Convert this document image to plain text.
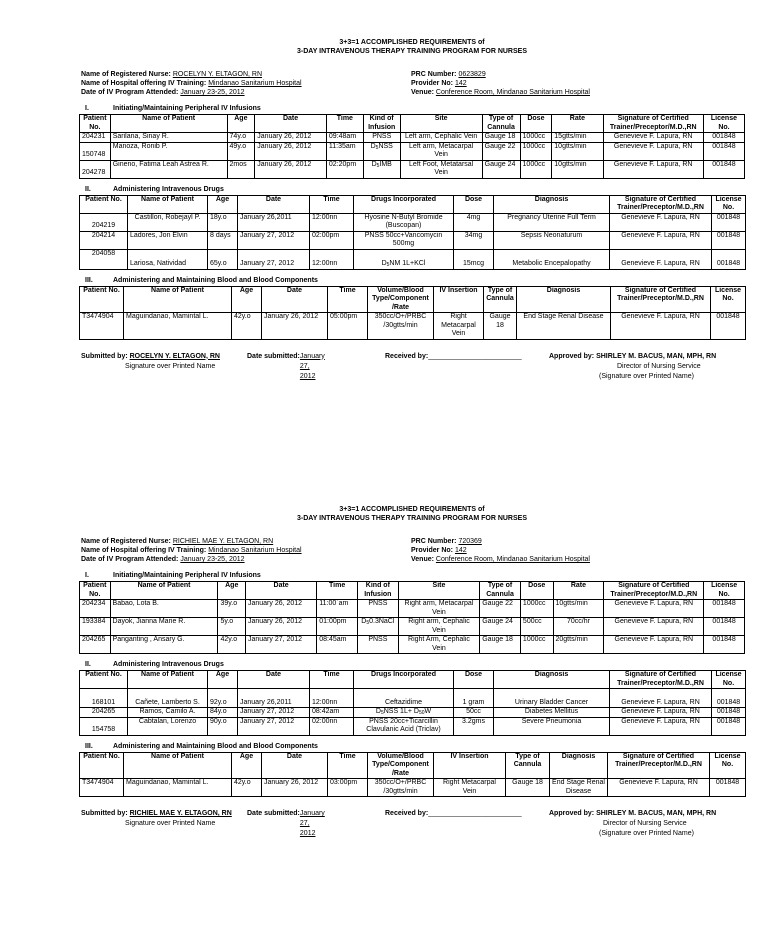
3+3=1 ACCOMPLISHED REQUIREMENTS of
3-DAY INTRAVENOUS THERAPY TRAINING PROGRAM FOR NURSES
Name of Registered Nurse: ROCELYN Y. ELTAGON, RN
Name of Hospital offering IV Training: Mindanao Sanitarium Hospital
Date of IV Program Attended: January 23-25, 2012
PRC Number: 0623829
Provider No: 142
Venue: Conference Room, Mindanao Sanitarium Hospital
I.	Initiating/Maintaining Peripheral IV Infusions
Patient No.	Name of Patient	Age	Date	Time	Kind of Infusion	Site	Type of Cannula	Dose	Rate	Signature of Certified Trainer/Preceptor/M.D.,RN	License No.
204231	Sarilana, Sinay R.	74y.o	January 26, 2012	09:48am	PNSS	Left arm, Cephalic Vein	Gauge 18	1000cc	15gtts/min	Genevieve F. Lapura, RN	001848
150748	Manoza, Ronib P.	49y.o	January 26, 2012	11:35am	$D_5NSS$	Left arm, Metacarpal Vein	Gauge 22	1000cc	10gtts/min	Genevieve F. Lapura, RN	001848
204278	Gineno, Fatima Leah Astrea R.	2mos	January 26, 2012	02:20pm	$D_5IMB$	Left Foot, Metatarsal Vein	Gauge 24	1000cc	10gtts/min	Genevieve F. Lapura, RN	001848
II.	Administering Intravenous Drugs
Patient No.	Name of Patient	Age	Date	Time	Drugs Incorporated	Dose	Diagnosis	Signature of Certified Trainer/Preceptor/M.D.,RN	License No.
204219	Castillon, Robejayl P.	18y.o	January 26,2011	12:00nn	Hyosine N-Butyl Bromide (Buscopan)	4mg	Pregnancy Uterine Full Term	Genevieve F. Lapura, RN	001848
204214	Ladores, Jon Elvin	8 days	January 27, 2012	02:00pm	PNSS 50cc+Vancomycin 500mg	34mg	Sepsis Neonaturum	Genevieve F. Lapura, RN	001848
204058	Lariosa, Natividad	65y.o	January 27, 2012	12:00nn	$D_5NM$ 1L+KCl	15mcg	Metabolic Encepalopathy	Genevieve F. Lapura, RN	001848
III.	Administering and Maintaining Blood and Blood Components
Patient No.	Name of Patient	Age	Date	Time	Volume/Blood Type/Component /Rate	IV Insertion	Type of Cannula	Diagnosis	Signature of Certified Trainer/Preceptor/M.D.,RN	License No.
T3474904	Maguindanao, Mamintal L.	42y.o	January 26, 2012	05:00pm	350cc/O+/PRBC /30gtts/min	Right Metacarpal Vein	Gauge 18	End Stage Renal Disease	Genevieve F. Lapura, RN	001848
Submitted by: ROCELYN Y. ELTAGON, RN
Signature over Printed Name
Date submitted: January 27, 2012
Received by: ________________________	Approved by: SHIRLEY M. BACUS, MAN, MPH, RN
Director of Nursing Service
(Signature over Printed Name)
3+3=1 ACCOMPLISHED REQUIREMENTS of
3-DAY INTRAVENOUS THERAPY TRAINING PROGRAM FOR NURSES
Name of Registered Nurse: RICHIEL MAE Y. ELTAGON, RN
Name of Hospital offering IV Training: Mindanao Sanitarium Hospital
Date of IV Program Attended: January 23-25, 2012
PRC Number: 720369
Provider No: 142
Venue: Conference Room, Mindanao Sanitarium Hospital
I.	Initiating/Maintaining Peripheral IV Infusions
Patient No.	Name of Patient	Age	Date	Time	Kind of Infusion	Site	Type of Cannula	Dose	Rate	Signature of Certified Trainer/Preceptor/M.D.,RN	License No.
204234	Babao, Lota B.	39y.o	January 26, 2012	11:00`am	PNSS	Right arm, Metacarpal Vein	Gauge 22	1000cc	10gtts/min	Genevieve F. Lapura, RN	001848
193384	Dayok, Jianna Marie R.	5y.o	January 26, 2012	01:00pm	$D_50.3NaCl$	Right arm, Cephalic Vein	Gauge 24	500cc	70cc/hr	Genevieve F. Lapura, RN	001848
204265	Panganting , Ansary G.	42y.o	January 27, 2012	08:45am	PNSS	Right Arm, Cephalic Vein	Gauge 18	1000cc	20gtts/min	Genevieve F. Lapura, RN	001848
II.	Administering Intravenous Drugs
Patient No.	Name of Patient	Age	Date	Time	Drugs Incorporated	Dose	Diagnosis	Signature of Certified Trainer/Preceptor/M.D.,RN	License No.
168101	Cañete, Lamberto S.	92y.o	January 26,2011	12:00nn	Ceftazidime	1 gram	Urinary Bladder Cancer	Genevieve F. Lapura, RN	001848
204265	Ramos, Camilo A.	84y.o	January 27, 2012	08:42am	$D_5NSS$ $1L+ D_{50}W$	50cc	Diabetes Mellitus	Genevieve F. Lapura, RN	001848
154758	Cabtalan, Lorenzo	90y.o	January 27, 2012	02:00nn	PNSS 20cc+Ticarcillin Clavulanic Acid (Triclav)	3.2gms	Severe Pneumonia	Genevieve F. Lapura, RN	001848
III.	Administering and Maintaining Blood and Blood Components
Patient No.	Name of Patient	Age	Date	Time	Volume/Blood Type/Component /Rate	IV Insertion	Type of Cannula	Diagnosis	Signature of Certified Trainer/Preceptor/M.D.,RN	License No.
T3474904	Maguindanao, Mamintal L.	42y.o	January 26, 2012	03:00pm	350cc/O+/PRBC /30gtts/min	Right Metacarpal Vein	Gauge 18	End Stage Renal Disease	Genevieve F. Lapura, RN	001848
Submitted by: RICHIEL MAE Y. ELTAGON, RN
Signature over Printed Name
Date submitted: January 27, 2012
Received by: ________________________	Approved by: SHIRLEY M. BACUS, MAN, MPH, RN
Director of Nursing Service
(Signature over Printed Name)
